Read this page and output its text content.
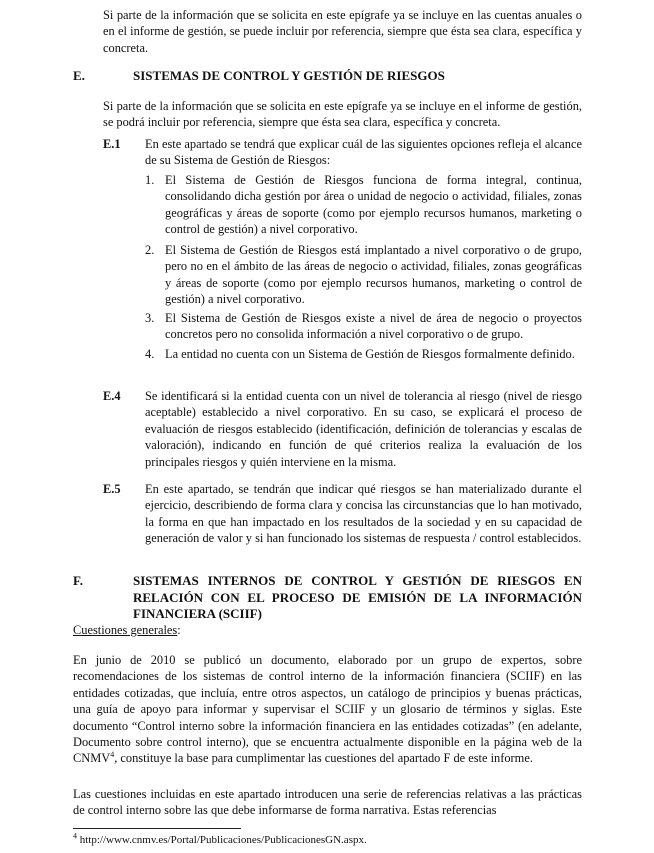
Si parte de la información que se solicita en este epígrafe ya se incluye en las cuentas anuales o en el informe de gestión, se puede incluir por referencia, siempre que ésta sea clara, específica y concreta.

E.	SISTEMAS DE CONTROL Y GESTIÓN DE RIESGOS

Si parte de la información que se solicita en este epígrafe ya se incluye en el informe de gestión, se podrá incluir por referencia, siempre que ésta sea clara, específica y concreta.

E.1 En este apartado se tendrá que explicar cuál de las siguientes opciones refleja el alcance de su Sistema de Gestión de Riesgos:

1. El Sistema de Gestión de Riesgos funciona de forma integral, continua, consolidando dicha gestión por área o unidad de negocio o actividad, filiales, zonas geográficas y áreas de soporte (como por ejemplo recursos humanos, marketing o control de gestión) a nivel corporativo.

2. El Sistema de Gestión de Riesgos está implantado a nivel corporativo o de grupo, pero no en el ámbito de las áreas de negocio o actividad, filiales, zonas geográficas y áreas de soporte (como por ejemplo recursos humanos, marketing o control de gestión) a nivel corporativo.

3. El Sistema de Gestión de Riesgos existe a nivel de área de negocio o proyectos concretos pero no consolida información a nivel corporativo o de grupo.

4. La entidad no cuenta con un Sistema de Gestión de Riesgos formalmente definido.

E.4 Se identificará si la entidad cuenta con un nivel de tolerancia al riesgo (nivel de riesgo aceptable) establecido a nivel corporativo. En su caso, se explicará el proceso de evaluación de riesgos establecido (identificación, definición de tolerancias y escalas de valoración), indicando en función de qué criterios realiza la evaluación de los principales riesgos y quién interviene en la misma.

E.5 En este apartado, se tendrán que indicar qué riesgos se han materializado durante el ejercicio, describiendo de forma clara y concisa las circunstancias que lo han motivado, la forma en que han impactado en los resultados de la sociedad y en su capacidad de generación de valor y si han funcionado los sistemas de respuesta / control establecidos.

F.	SISTEMAS INTERNOS DE CONTROL Y GESTIÓN DE RIESGOS EN RELACIÓN CON EL PROCESO DE EMISIÓN DE LA INFORMACIÓN FINANCIERA (SCIIF)
Cuestiones generales:

En junio de 2010 se publicó un documento, elaborado por un grupo de expertos, sobre recomendaciones de los sistemas de control interno de la información financiera (SCIIF) en las entidades cotizadas, que incluía, entre otros aspectos, un catálogo de principios y buenas prácticas, una guía de apoyo para informar y supervisar el SCIIF y un glosario de términos y siglas. Este documento “Control interno sobre la información financiera en las entidades cotizadas” (en adelante, Documento sobre control interno), que se encuentra actualmente disponible en la página web de la CNMV$^4$, constituye la base para cumplimentar las cuestiones del apartado F de este informe.

Las cuestiones incluidas en este apartado introducen una serie de referencias relativas a las prácticas de control interno sobre las que debe informarse de forma narrativa. Estas referencias

$^4$ http://www.cnmv.es/Portal/Publicaciones/PublicacionesGN.aspx.
